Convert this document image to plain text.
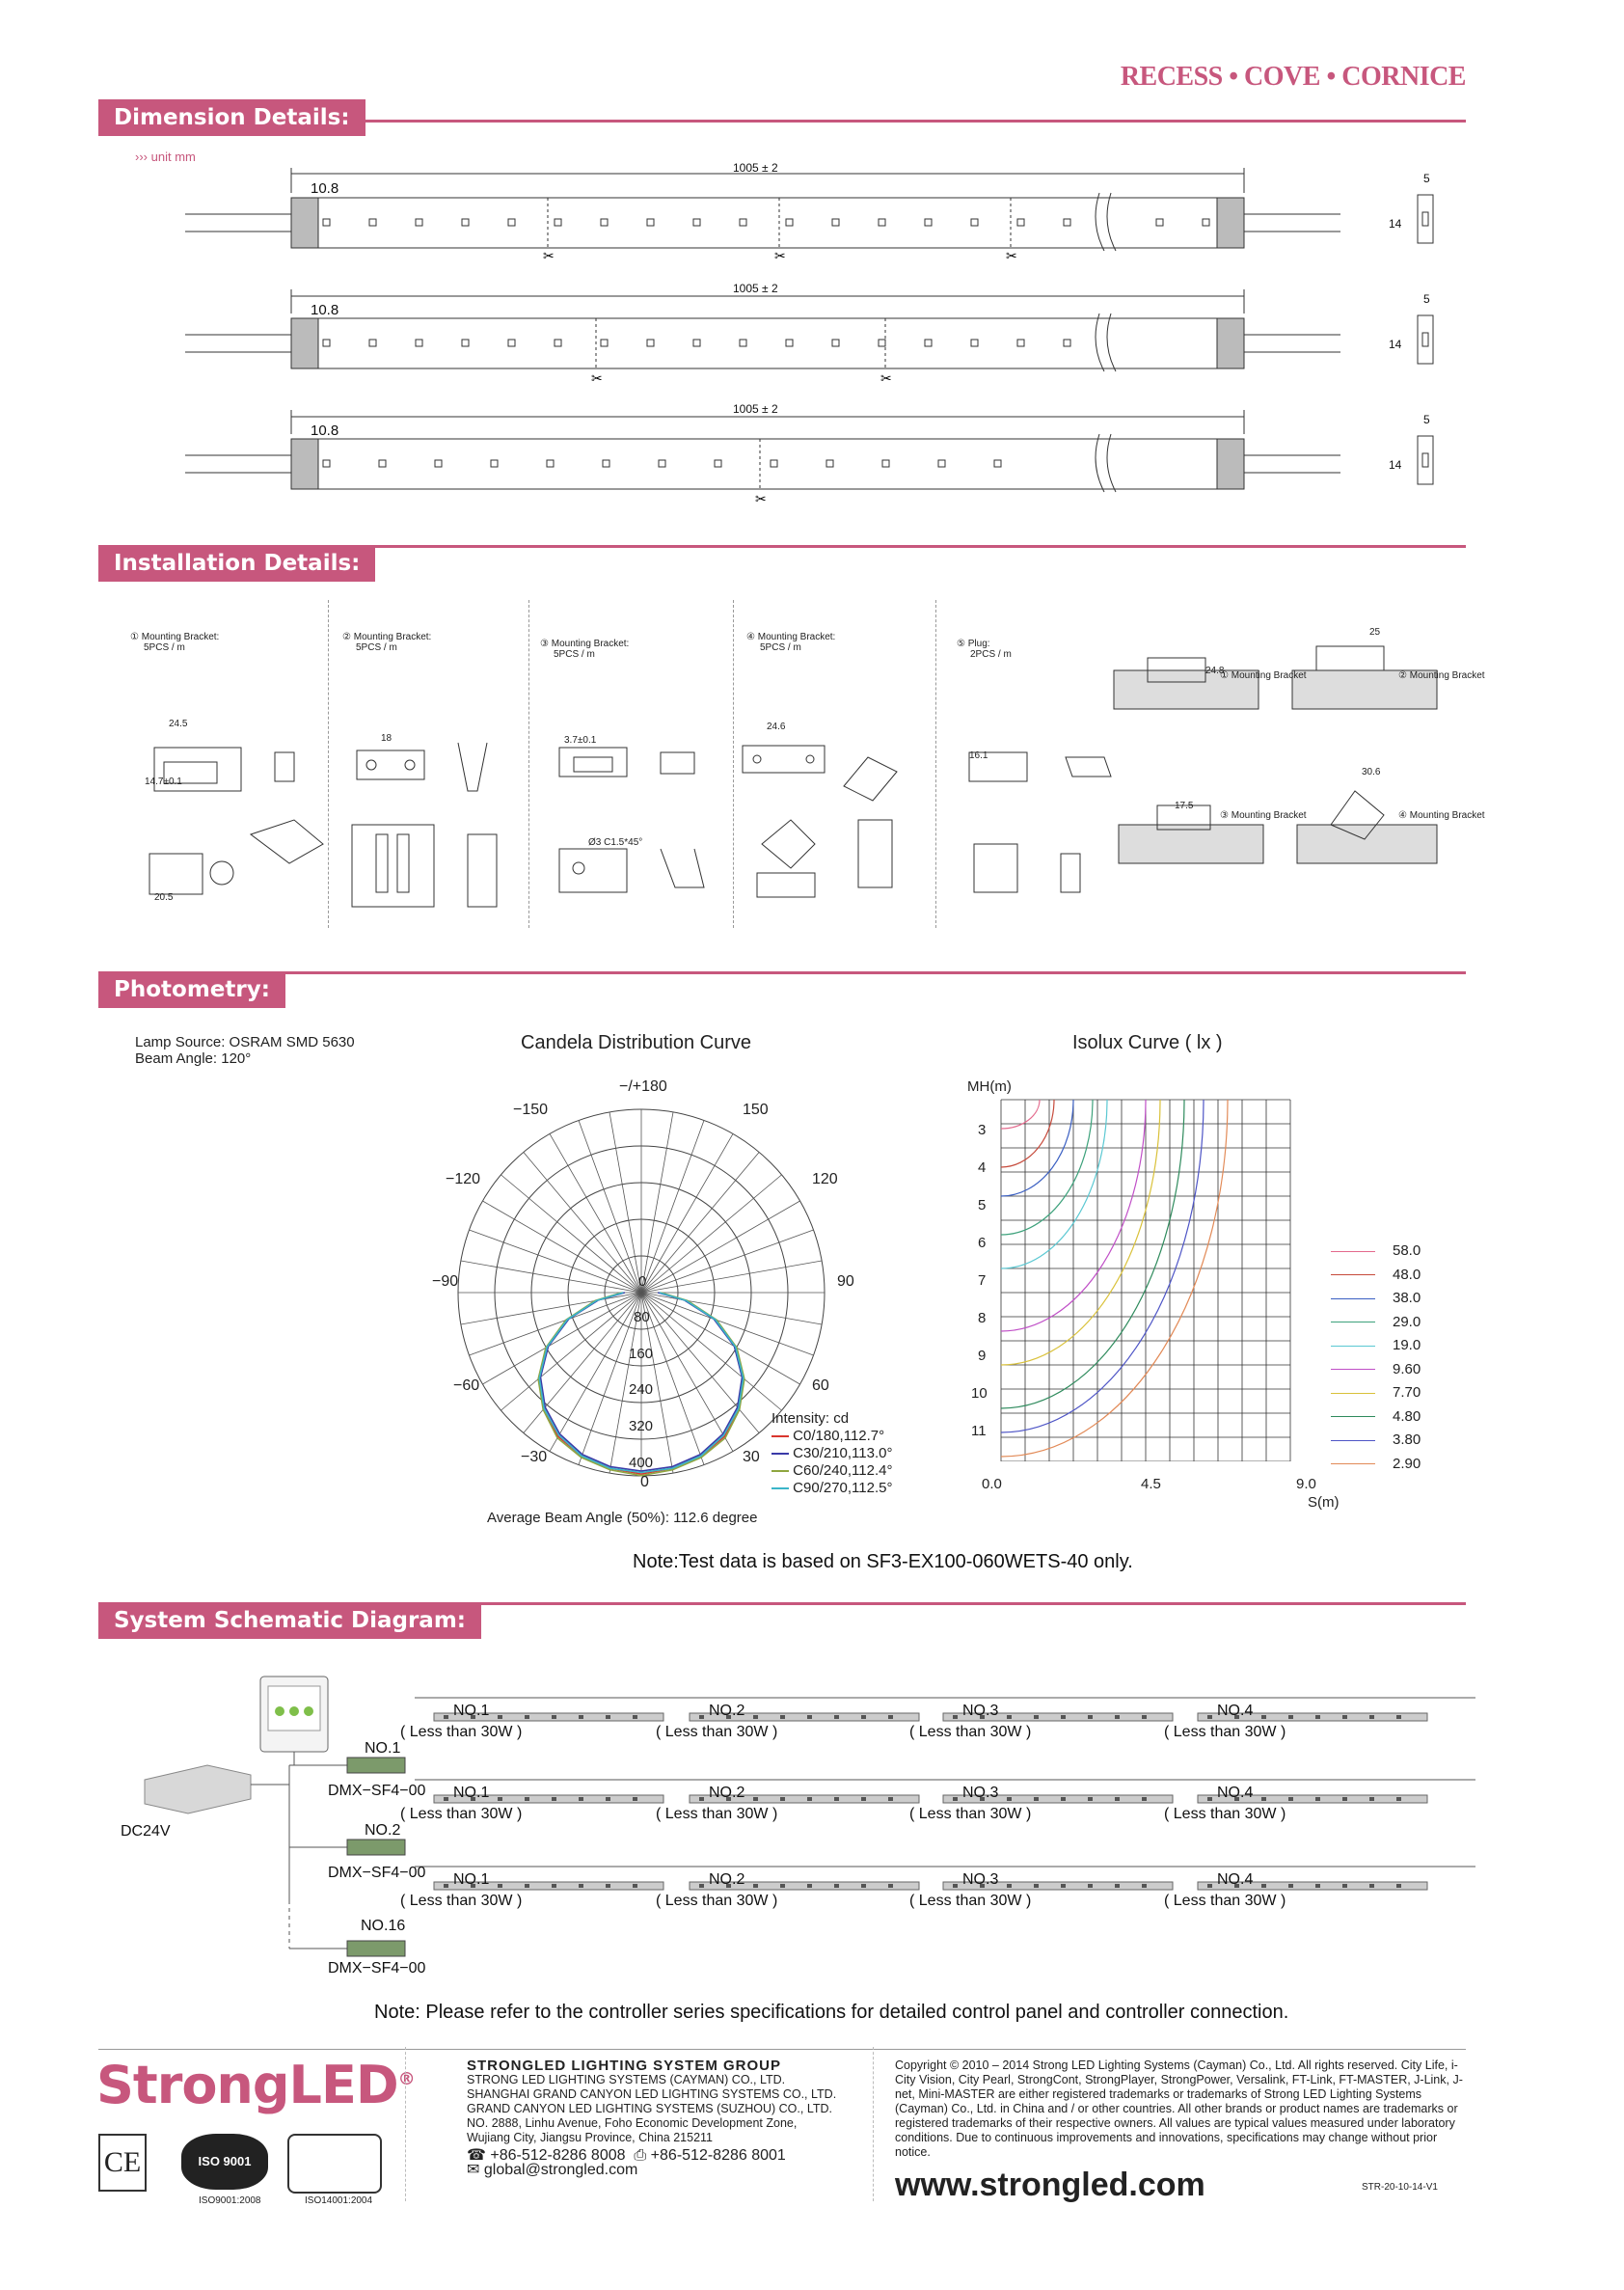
RECESS • COVE • CORNICE
Dimension Details:
››› unit mm
✂	✂	✂
✂	✂
✂
1005 ± 2
10.8
5
14
1005 ± 2
10.8
5
14
1005 ± 2
10.8
5
14
Installation Details:
① Mounting Bracket:
5PCS / m
② Mounting Bracket:
5PCS / m	③ Mounting Bracket:
5PCS / m
④ Mounting Bracket:
5PCS / m	⑤ Plug:
2PCS / m
① Mounting Bracket	② Mounting Bracket
③ Mounting Bracket	④ Mounting Bracket
24.5
14.7±0.1
20.5
18	3.7±0.1
Ø3 C1.5*45°
24.6
16.1
25
24.8
30.6
17.5
Photometry:
Lamp Source: OSRAM SMD 5630
Beam Angle: 120°
Candela Distribution Curve	Isolux Curve ( lx )
−/+180
150
−150
120
−120
90
−90
60
−60
30
−30
0
0
80
160
240
320
400
Intensity: cd
C0/180,112.7°
C30/210,113.0°
C60/240,112.4°
C90/270,112.5°
Average Beam Angle (50%): 112.6 degree
MH(m)
3
4
5
6
7
8
9
10
11
0.0	4.5	9.0
S(m)
58.0
48.0
38.0
29.0
19.0
9.60
7.70
4.80
3.80
2.90
Note:Test data is based on SF3-EX100-060WETS-40 only.
System Schematic Diagram:
DC24V
NO.1
DMX−SF4−00
NO.2
DMX−SF4−00
NO.16
DMX−SF4−00
NO.1
( Less than 30W )
NO.2
( Less than 30W )
NO.3
( Less than 30W )
NO.4
( Less than 30W )
NO.1
( Less than 30W )
NO.2
( Less than 30W )
NO.3
( Less than 30W )
NO.4
( Less than 30W )
NO.1
( Less than 30W )
NO.2
( Less than 30W )
NO.3
( Less than 30W )
NO.4
( Less than 30W )
Note: Please refer to the controller series specifications for detailed control panel and controller connection.
StrongLED®
CE	ISO 9001
ISO9001:2008	ISO14001:2004
STRONGLED LIGHTING SYSTEM GROUP
STRONG LED LIGHTING SYSTEMS (CAYMAN) CO., LTD.
SHANGHAI GRAND CANYON LED LIGHTING SYSTEMS CO., LTD.
GRAND CANYON LED LIGHTING SYSTEMS (SUZHOU) CO., LTD.
NO. 2888, Linhu Avenue, Foho Economic Development Zone,
Wujiang City, Jiangsu Province, China 215211
☎ +86-512-8286 8008 ⎙ +86-512-8286 8001
✉ global@strongled.com
Copyright © 2010 – 2014 Strong LED Lighting Systems (Cayman) Co., Ltd. All rights reserved. City Life, i-City Vision, City Pearl, StrongCont, StrongPlayer, StrongPower, Versalink, FT-Link, FT-MASTER, J-Link, J-net, Mini-MASTER are either registered trademarks or trademarks of Strong LED Lighting Systems (Cayman) Co., Ltd. in China and / or other countries. All other brands or product names are trademarks or registered trademarks of their respective owners. All values are typical values measured under laboratory conditions. Due to continuous improvements and innovations, specifications may change without prior notice.
www.strongled.com	STR-20-10-14-V1
